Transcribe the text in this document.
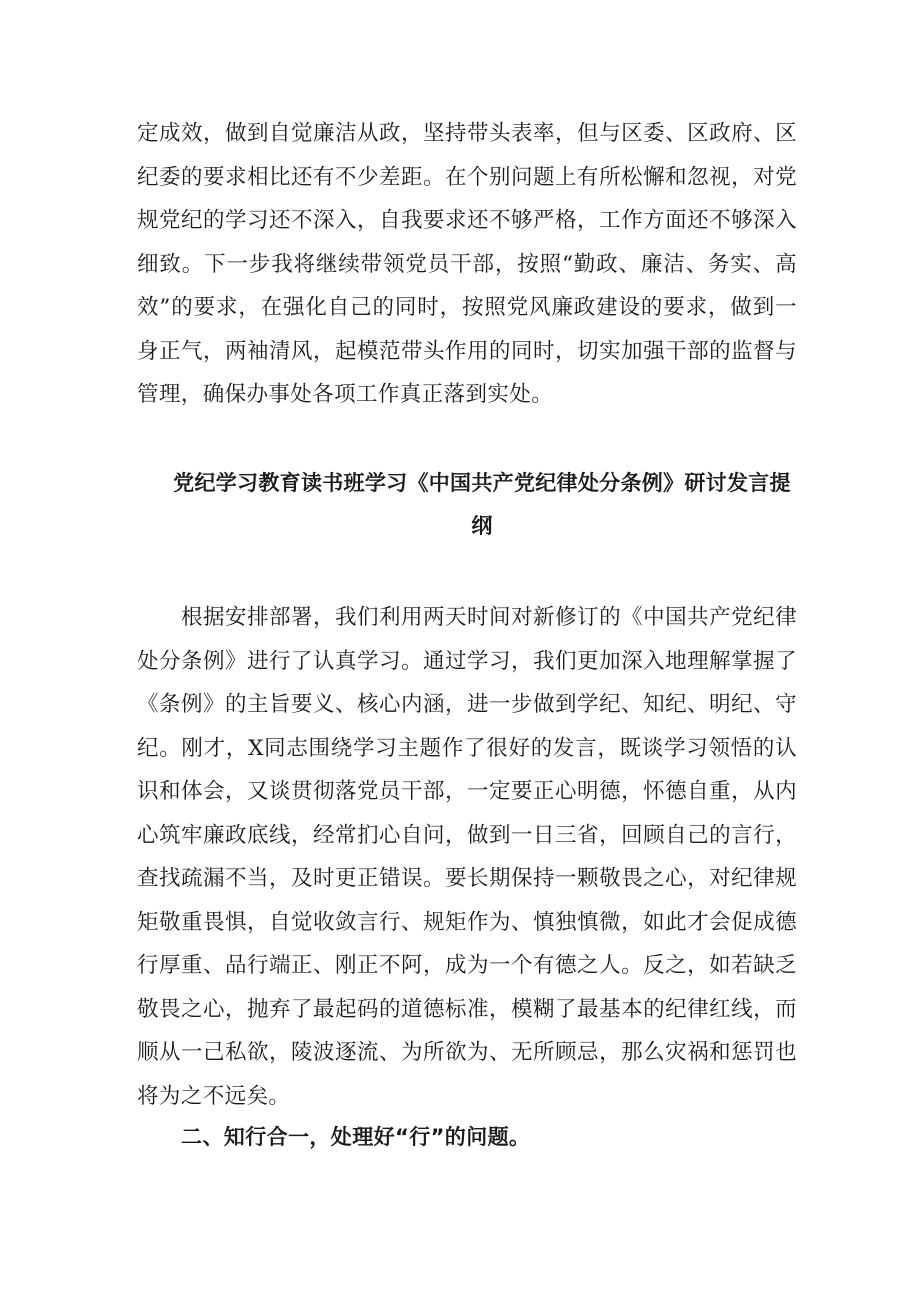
定成效，做到自觉廉洁从政，坚持带头表率，但与区委、区政府、区纪委的要求相比还有不少差距。在个别问题上有所松懈和忽视，对党规党纪的学习还不深入，自我要求还不够严格，工作方面还不够深入细致。下一步我将继续带领党员干部，按照“勤政、廉洁、务实、高效”的要求，在强化自己的同时，按照党风廉政建设的要求，做到一身正气，两袖清风，起模范带头作用的同时，切实加强干部的监督与管理，确保办事处各项工作真正落到实处。

党纪学习教育读书班学习《中国共产党纪律处分条例》研讨发言提纲

根据安排部署，我们利用两天时间对新修订的《中国共产党纪律处分条例》进行了认真学习。通过学习，我们更加深入地理解掌握了《条例》的主旨要义、核心内涵，进一步做到学纪、知纪、明纪、守纪。刚才，X同志围绕学习主题作了很好的发言，既谈学习领悟的认识和体会，又谈贯彻落党员干部，一定要正心明德，怀德自重，从内心筑牢廉政底线，经常扪心自问，做到一日三省，回顾自己的言行，查找疏漏不当，及时更正错误。要长期保持一颗敬畏之心，对纪律规矩敬重畏惧，自觉收敛言行、规矩作为、慎独慎微，如此才会促成德行厚重、品行端正、刚正不阿，成为一个有德之人。反之，如若缺乏敬畏之心，抛弃了最起码的道德标准，模糊了最基本的纪律红线，而顺从一己私欲，陵波逐流、为所欲为、无所顾忌，那么灾祸和惩罚也将为之不远矣。

二、知行合一，处理好“行”的问题。
